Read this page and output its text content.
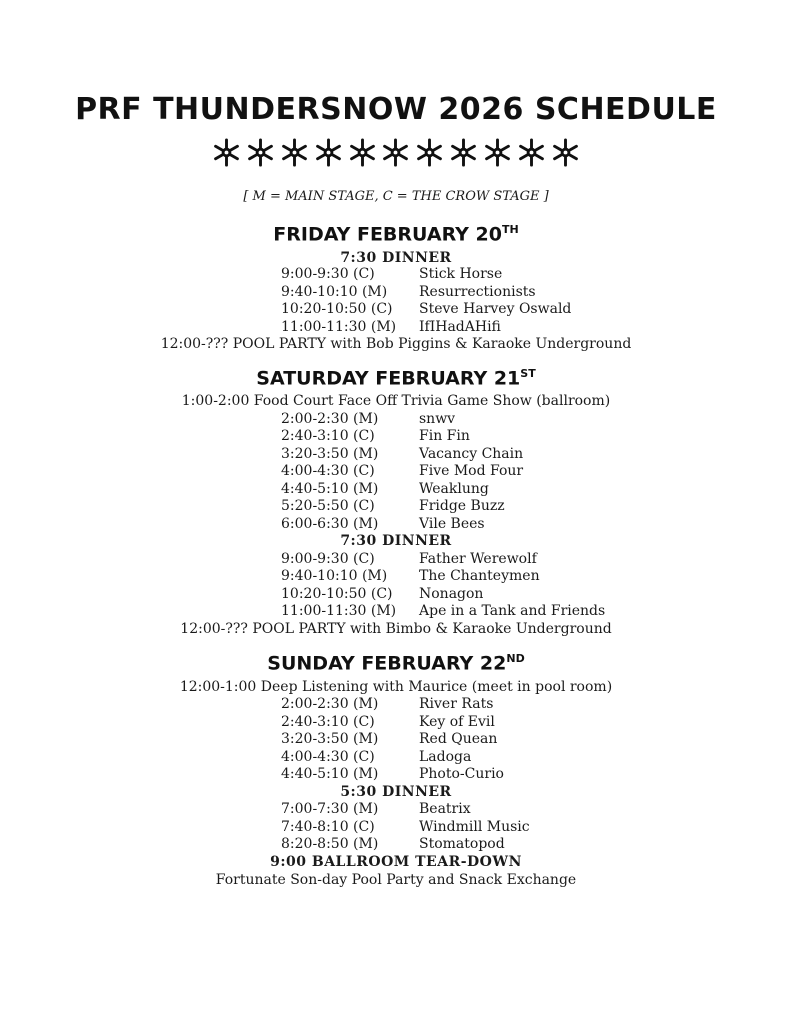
PRF THUNDERSNOW 2026 SCHEDULE
[ M = MAIN STAGE, C = THE CROW STAGE ]
FRIDAY FEBRUARY 20TH
7:30 DINNER
9:00-9:30 (C)	Stick Horse
9:40-10:10 (M) Resurrectionists
10:20-10:50 (C) Steve Harvey Oswald
11:00-11:30 (M) IfIHadAHifi
12:00-??? POOL PARTY with Bob Piggins & Karaoke Underground
SATURDAY FEBRUARY 21ST
1:00-2:00 Food Court Face Off Trivia Game Show (ballroom)
2:00-2:30 (M)	snwv
2:40-3:10 (C)	Fin Fin
3:20-3:50 (M)	Vacancy Chain
4:00-4:30 (C)	Five Mod Four
4:40-5:10 (M)	Weaklung
5:20-5:50 (C)	Fridge Buzz
6:00-6:30 (M)	Vile Bees
7:30 DINNER
9:00-9:30 (C)	Father Werewolf
9:40-10:10 (M) The Chanteymen
10:20-10:50 (C) Nonagon
11:00-11:30 (M) Ape in a Tank and Friends
12:00-??? POOL PARTY with Bimbo & Karaoke Underground
SUNDAY FEBRUARY 22ND
12:00-1:00 Deep Listening with Maurice (meet in pool room)
2:00-2:30 (M)	River Rats
2:40-3:10 (C)	Key of Evil
3:20-3:50 (M)	Red Quean
4:00-4:30 (C)	Ladoga
4:40-5:10 (M)	Photo-Curio
5:30 DINNER
7:00-7:30 (M)	Beatrix
7:40-8:10 (C)	Windmill Music
8:20-8:50 (M)	Stomatopod
9:00 BALLROOM TEAR-DOWN
Fortunate Son-day Pool Party and Snack Exchange
